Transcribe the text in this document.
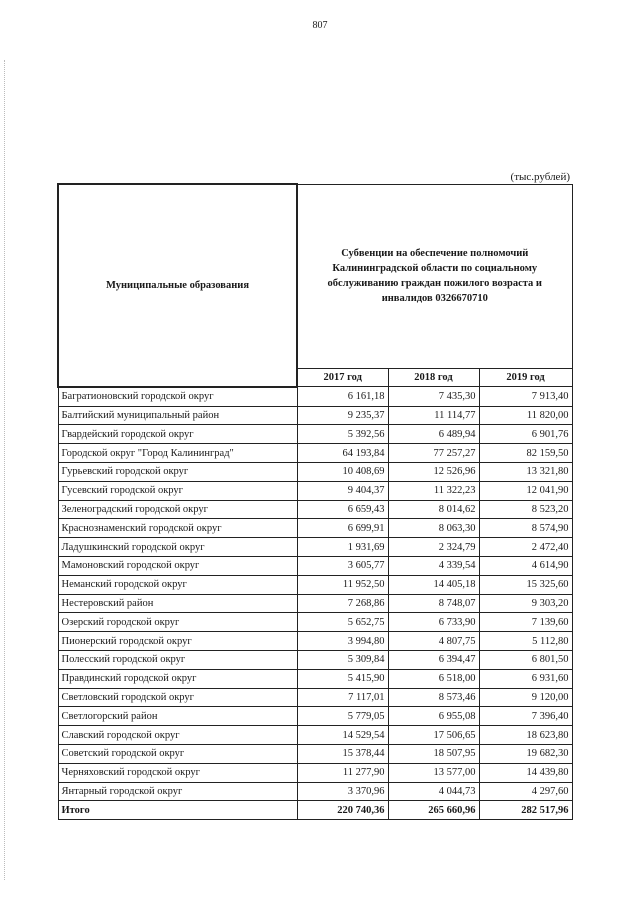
807
(тыс.рублей)
Муниципальные образования	Субвенции на обеспечение полномочий Калининградской области по социальному обслуживанию граждан пожилого возраста и инвалидов 0326670710		
	2017 год	2018 год	2019 год
Багратионовский городской округ	6 161,18	7 435,30	7 913,40
Балтийский муниципальный район	9 235,37	11 114,77	11 820,00
Гвардейский городской округ	5 392,56	6 489,94	6 901,76
Городской округ "Город Калининград"	64 193,84	77 257,27	82 159,50
Гурьевский городской округ	10 408,69	12 526,96	13 321,80
Гусевский городской округ	9 404,37	11 322,23	12 041,90
Зеленоградский городской округ	6 659,43	8 014,62	8 523,20
Краснознаменский городской округ	6 699,91	8 063,30	8 574,90
Ладушкинский городской округ	1 931,69	2 324,79	2 472,40
Мамоновский городской округ	3 605,77	4 339,54	4 614,90
Неманский городской округ	11 952,50	14 405,18	15 325,60
Нестеровский район	7 268,86	8 748,07	9 303,20
Озерский городской округ	5 652,75	6 733,90	7 139,60
Пионерский городской округ	3 994,80	4 807,75	5 112,80
Полесский городской округ	5 309,84	6 394,47	6 801,50
Правдинский городской округ	5 415,90	6 518,00	6 931,60
Светловский городской округ	7 117,01	8 573,46	9 120,00
Светлогорский район	5 779,05	6 955,08	7 396,40
Славский городской округ	14 529,54	17 506,65	18 623,80
Советский городской округ	15 378,44	18 507,95	19 682,30
Черняховский городской округ	11 277,90	13 577,00	14 439,80
Янтарный городской округ	3 370,96	4 044,73	4 297,60
Итого	220 740,36	265 660,96	282 517,96
